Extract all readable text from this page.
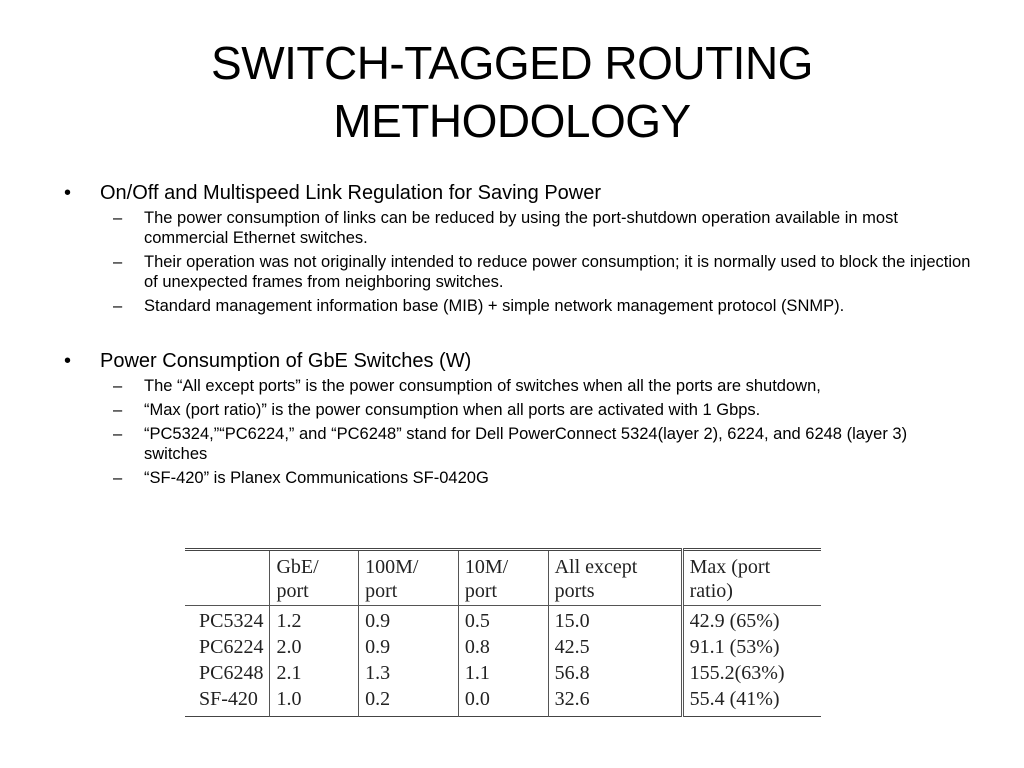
SWITCH-TAGGED ROUTING
METHODOLOGY
• On/Off and Multispeed Link Regulation for Saving Power
– The power consumption of links can be reduced by using the port-shutdown operation available in most commercial Ethernet switches.
– Their operation was not originally intended to reduce power consumption; it is normally used to block the injection of unexpected frames from neighboring switches.
– Standard management information base (MIB) + simple network management protocol (SNMP).
• Power Consumption of GbE Switches (W)
– The “All except ports” is the power consumption of switches when all the ports are shutdown,
– “Max (port ratio)” is the power consumption when all ports are activated with 1 Gbps.
– “PC5324,”“PC6224,” and “PC6248” stand for Dell PowerConnect 5324(layer 2), 6224, and 6248 (layer 3) switches
– “SF-420” is Planex Communications SF-0420G
	GbE/ port	100M/ port	10M/ port	All except ports	Max (port ratio)
PC5324	1.2	0.9	0.5	15.0	42.9 (65%)
PC6224	2.0	0.9	0.8	42.5	91.1 (53%)
PC6248	2.1	1.3	1.1	56.8	155.2(63%)
SF-420	1.0	0.2	0.0	32.6	55.4 (41%)
